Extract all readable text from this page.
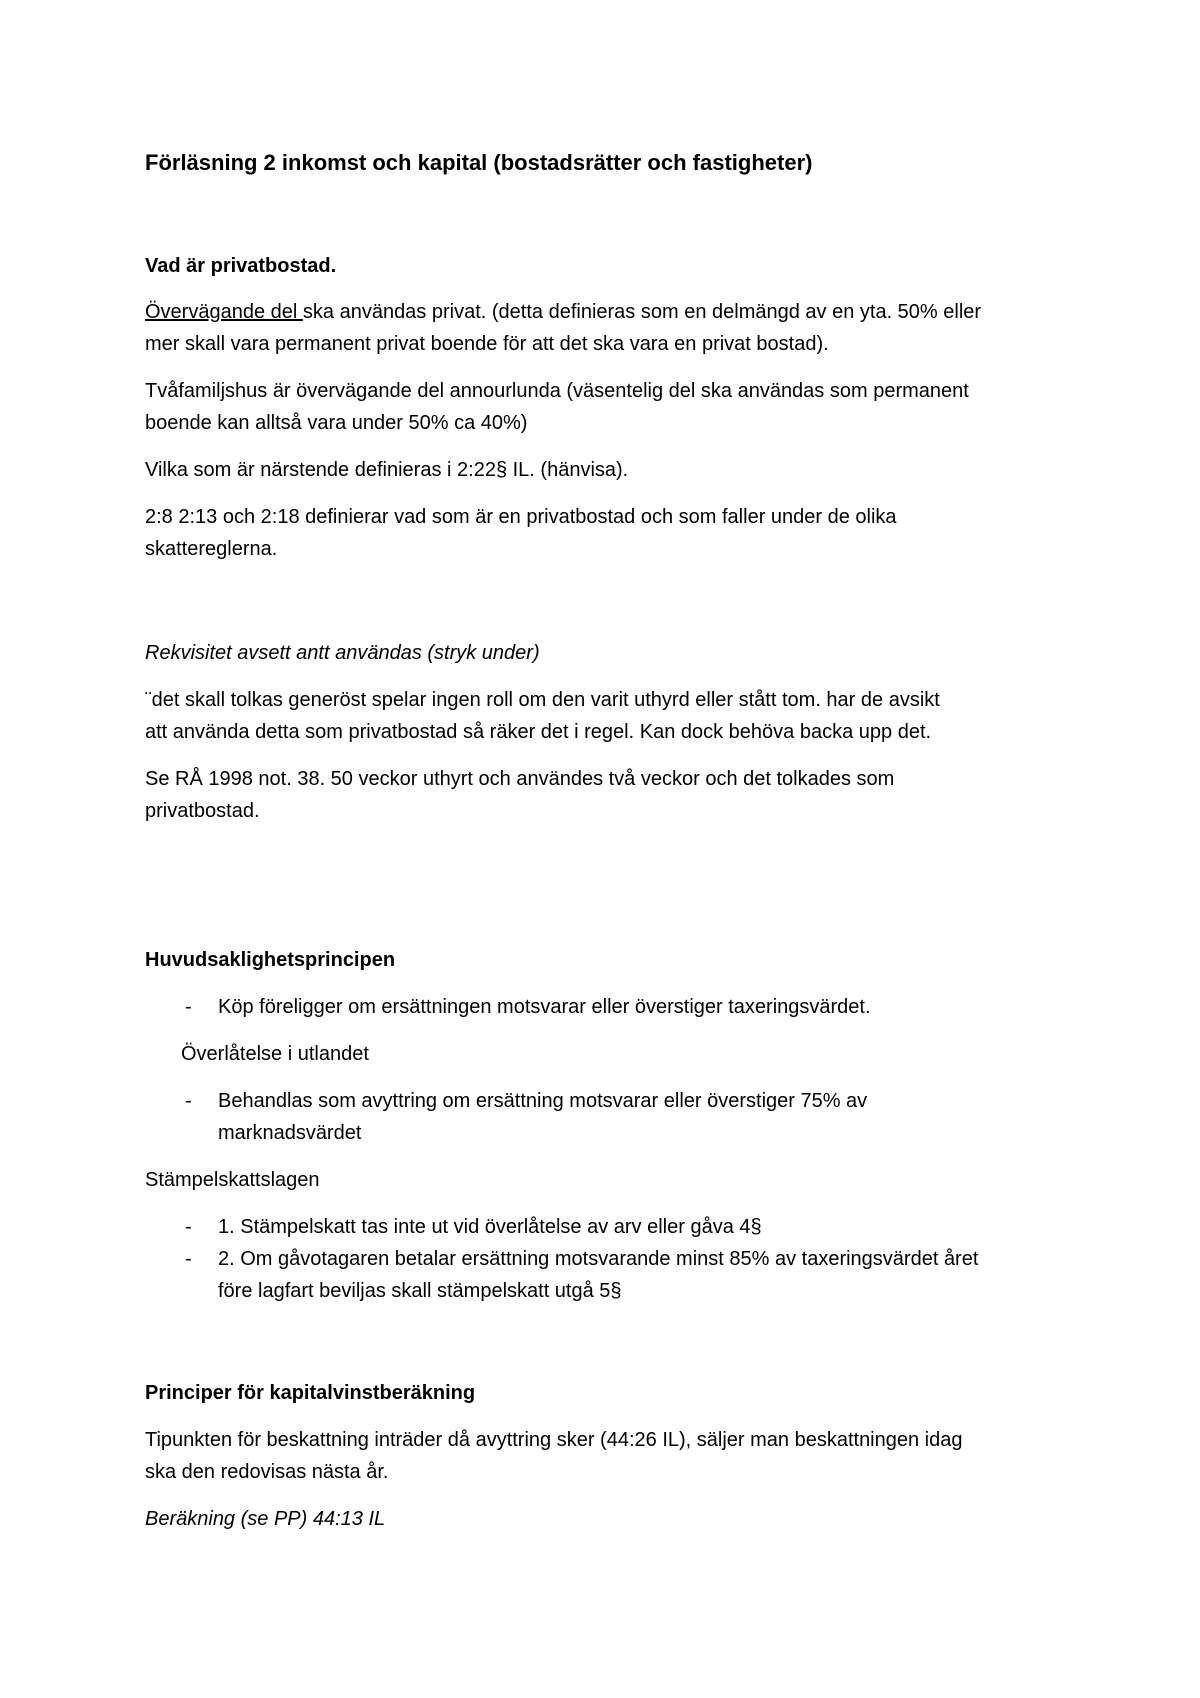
Förläsning 2 inkomst och kapital (bostadsrätter och fastigheter)

Vad är privatbostad.

Övervägande del ska användas privat. (detta definieras som en delmängd av en yta. 50% eller

mer skall vara permanent privat boende för att det ska vara en privat bostad).

Tvåfamiljshus är övervägande del annourlunda (väsentelig del ska användas som permanent

boende kan alltså vara under 50% ca 40%)

Vilka som är närstende definieras i 2:22§ IL. (hänvisa).

2:8 2:13 och 2:18 definierar vad som är en privatbostad och som faller under de olika

skattereglerna.

Rekvisitet avsett antt användas (stryk under)

¨det skall tolkas generöst spelar ingen roll om den varit uthyrd eller stått tom. har de avsikt

att använda detta som privatbostad så räker det i regel. Kan dock behöva backa upp det.

Se RÅ 1998 not. 38. 50 veckor uthyrt och användes två veckor och det tolkades som

privatbostad.

Huvudsaklighetsprincipen

- Köp föreligger om ersättningen motsvarar eller överstiger taxeringsvärdet.

Överlåtelse i utlandet

- Behandlas som avyttring om ersättning motsvarar eller överstiger 75% av

marknadsvärdet

Stämpelskattslagen

- 1. Stämpelskatt tas inte ut vid överlåtelse av arv eller gåva 4§

- 2. Om gåvotagaren betalar ersättning motsvarande minst 85% av taxeringsvärdet året

före lagfart beviljas skall stämpelskatt utgå 5§

Principer för kapitalvinstberäkning

Tipunkten för beskattning inträder då avyttring sker (44:26 IL), säljer man beskattningen idag

ska den redovisas nästa år.

Beräkning (se PP) 44:13 IL
